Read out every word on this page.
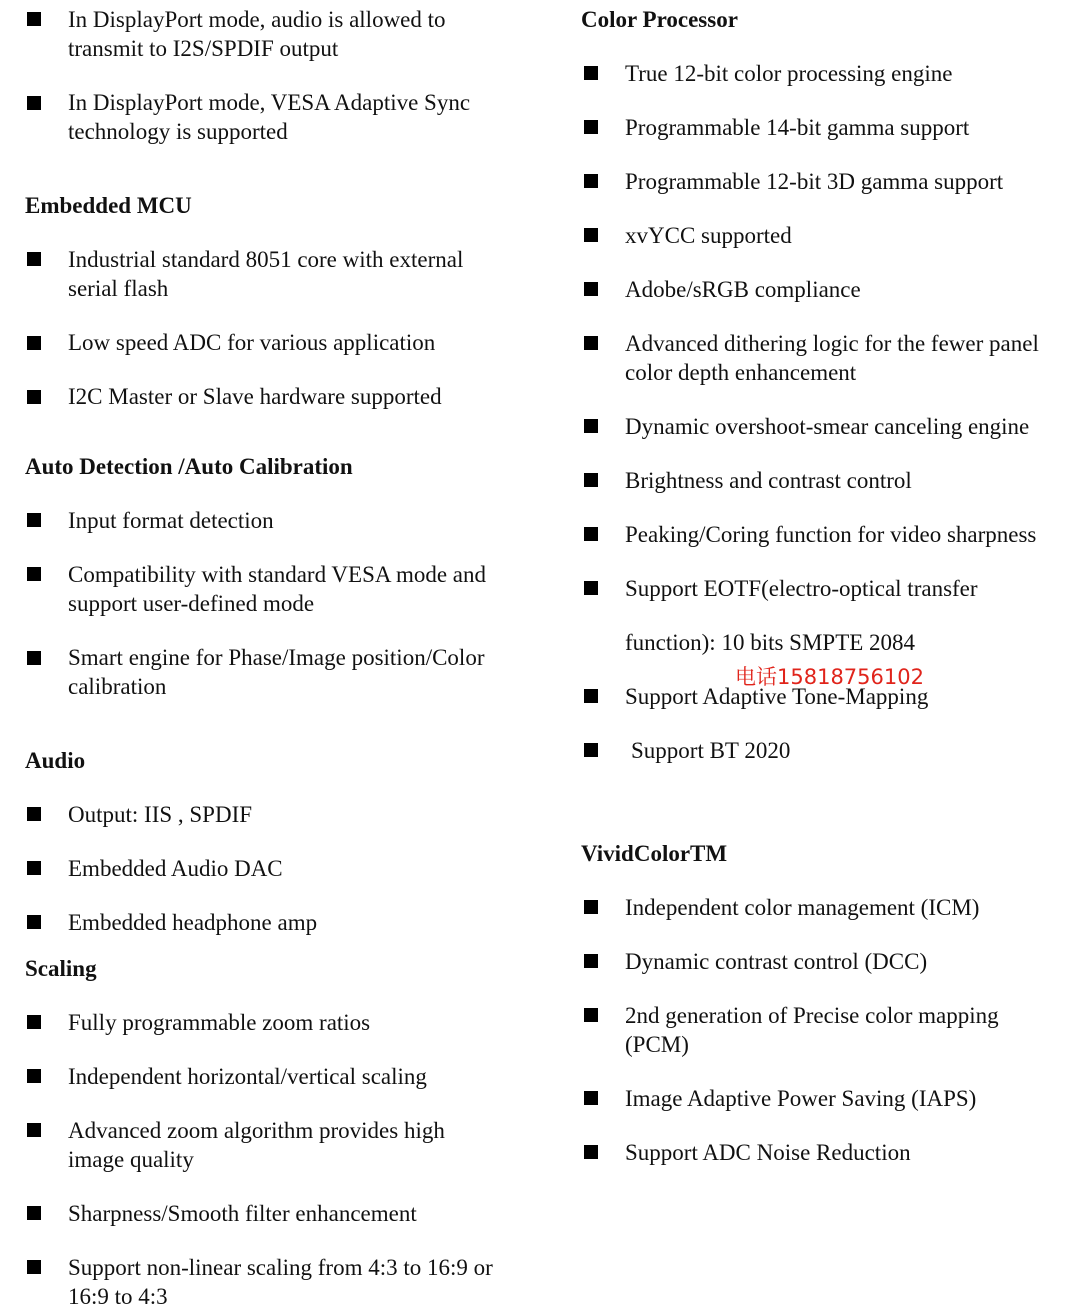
In DisplayPort mode, audio is allowed to
transmit to I2S/SPDIF output
In DisplayPort mode, VESA Adaptive Sync
technology is supported
Embedded MCU
Industrial standard 8051 core with external
serial flash
Low speed ADC for various application
I2C Master or Slave hardware supported
Auto Detection /Auto Calibration
Input format detection
Compatibility with standard VESA mode and
support user-defined mode
Smart engine for Phase/Image position/Color
calibration
Audio
Output: IIS , SPDIF
Embedded Audio DAC
Embedded headphone amp
Scaling
Fully programmable zoom ratios
Independent horizontal/vertical scaling
Advanced zoom algorithm provides high
image quality
Sharpness/Smooth filter enhancement
Support non-linear scaling from 4:3 to 16:9 or
16:9 to 4:3
Color Processor
True 12-bit color processing engine
Programmable 14-bit gamma support
Programmable 12-bit 3D gamma support
xvYCC supported
Adobe/sRGB compliance
Advanced dithering logic for the fewer panel
color depth enhancement
Dynamic overshoot-smear canceling engine
Brightness and contrast control
Peaking/Coring function for video sharpness
Support EOTF(electro-optical transfer
function): 10 bits SMPTE 2084
电话15818756102
Support Adaptive Tone-Mapping
Support BT 2020
VividColorTM
Independent color management (ICM)
Dynamic contrast control (DCC)
2nd generation of Precise color mapping
(PCM)
Image Adaptive Power Saving (IAPS)
Support ADC Noise Reduction
